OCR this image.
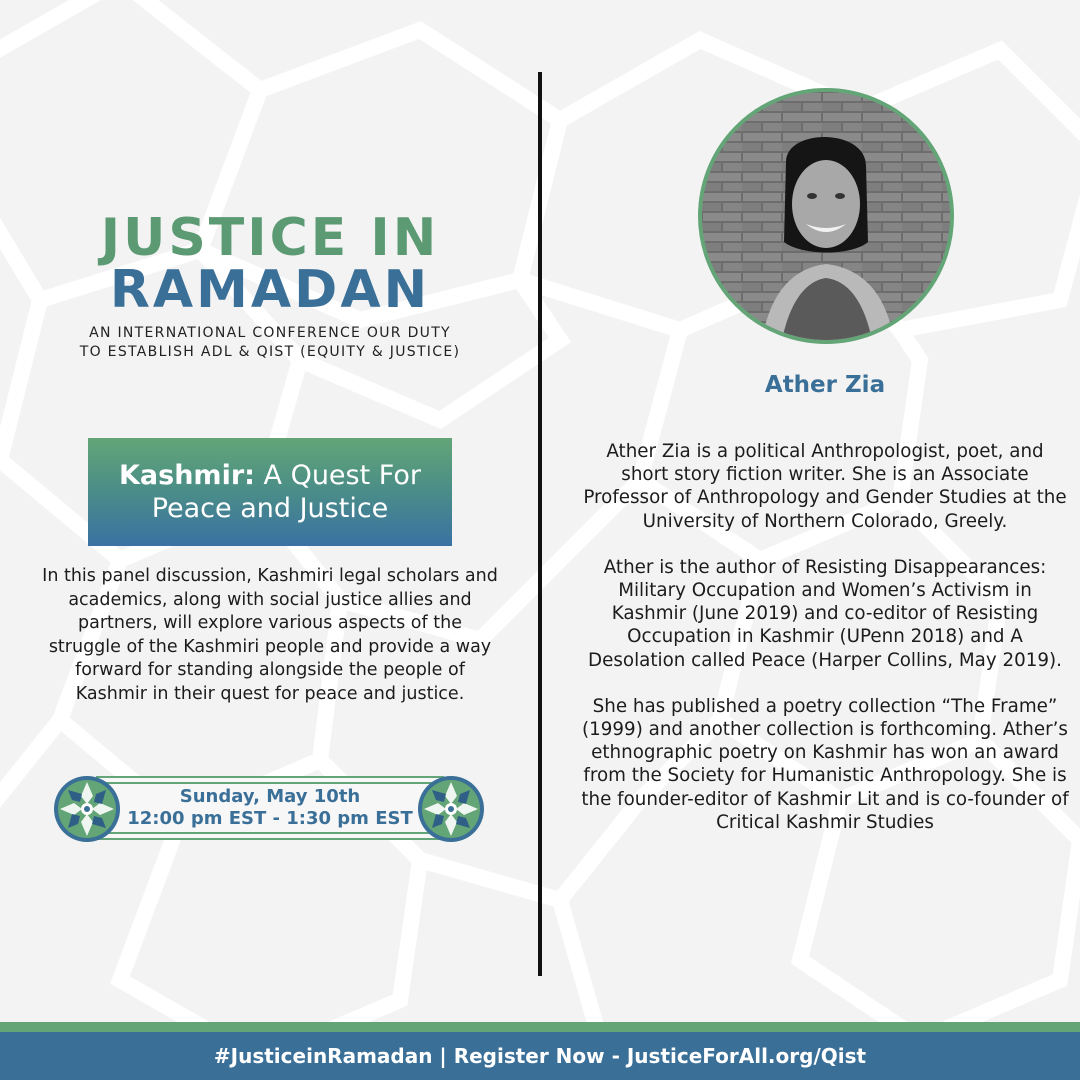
JUSTICE IN
RAMADAN
AN INTERNATIONAL CONFERENCE OUR DUTY
TO ESTABLISH ADL & QIST (EQUITY & JUSTICE)
Kashmir: A Quest For
Peace and Justice
In this panel discussion, Kashmiri legal scholars and academics, along with social justice allies and partners, will explore various aspects of the struggle of the Kashmiri people and provide a way forward for standing alongside the people of Kashmir in their quest for peace and justice.
Sunday, May 10th
12:00 pm EST - 1:30 pm EST
Ather Zia

Ather Zia is a political Anthropologist, poet, and short story fiction writer. She is an Associate Professor of Anthropology and Gender Studies at the University of Northern Colorado, Greely.

Ather is the author of Resisting Disappearances: Military Occupation and Women’s Activism in Kashmir (June 2019) and co-editor of Resisting Occupation in Kashmir (UPenn 2018) and A Desolation called Peace (Harper Collins, May 2019).

She has published a poetry collection “The Frame” (1999) and another collection is forthcoming. Ather’s ethnographic poetry on Kashmir has won an award from the Society for Humanistic Anthropology. She is the founder-editor of Kashmir Lit and is co-founder of Critical Kashmir Studies

#JusticeinRamadan | Register Now - JusticeForAll.org/Qist
